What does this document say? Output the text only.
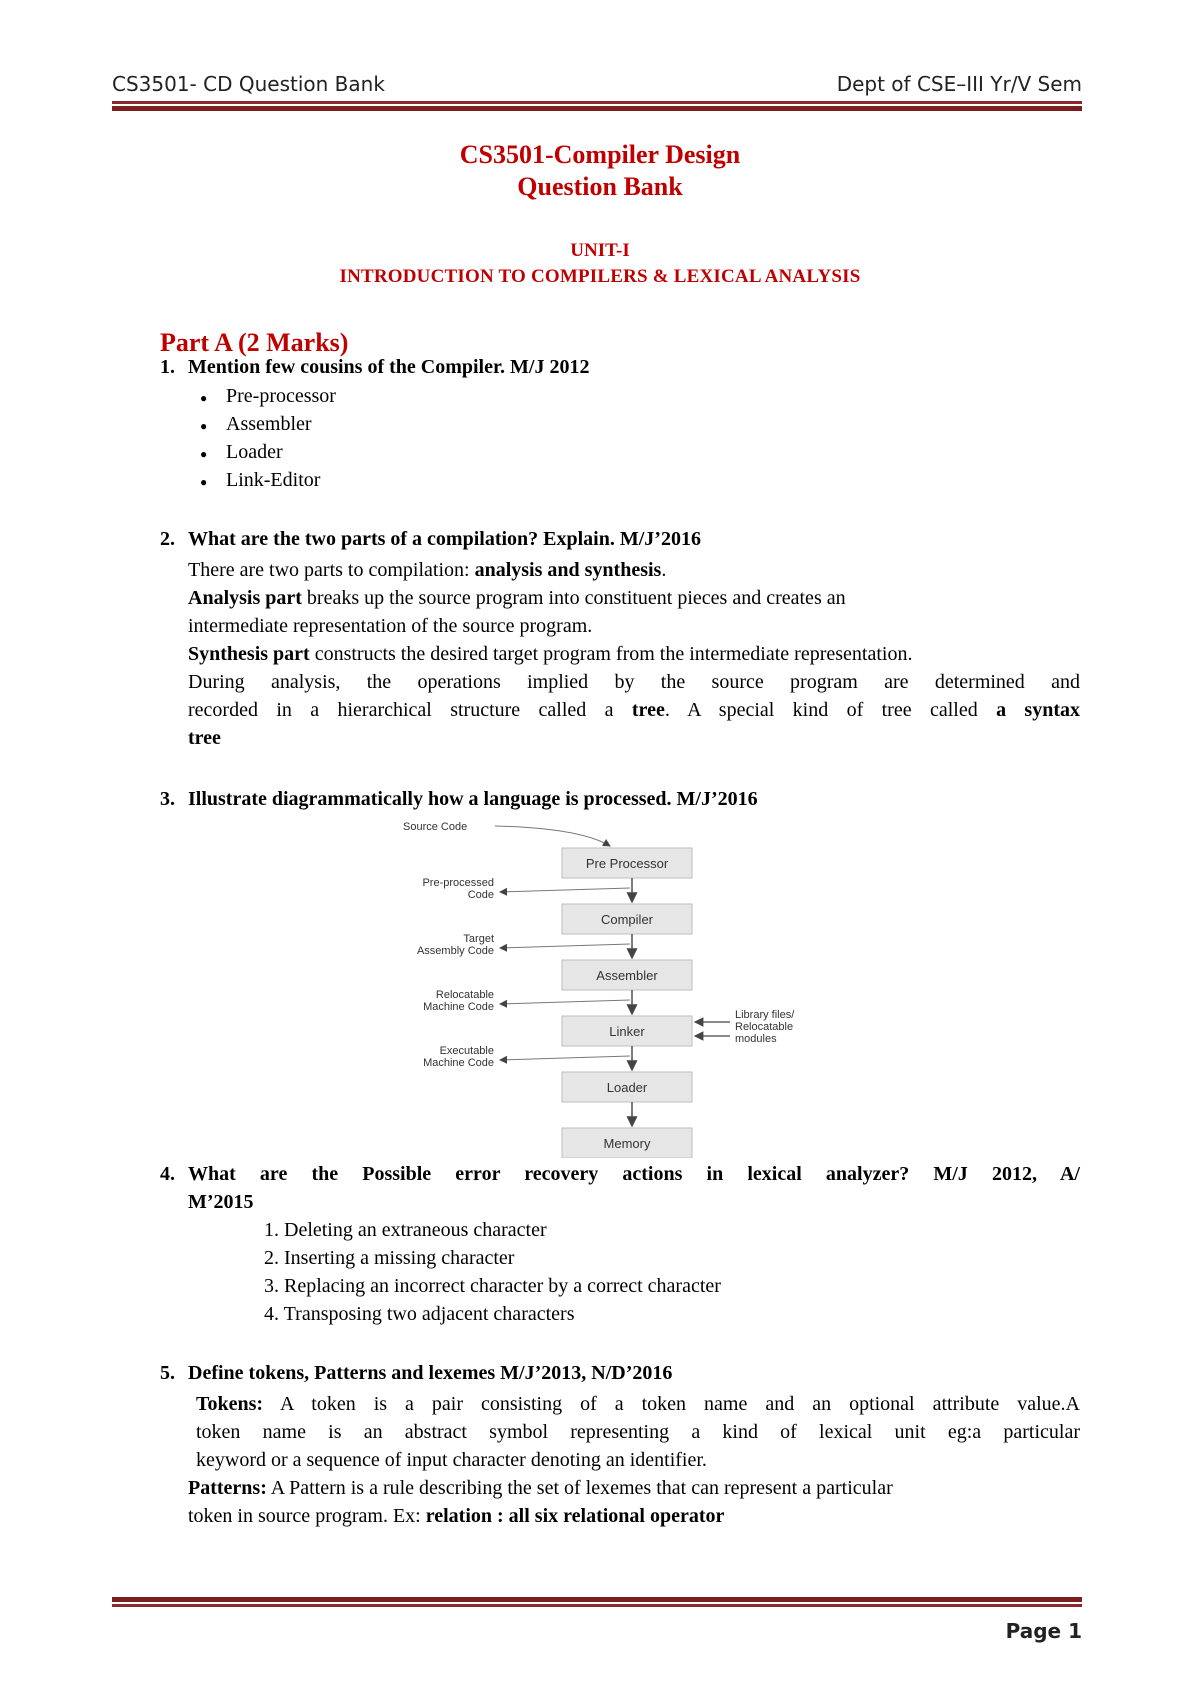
CS3501- CD Question Bank	Dept of CSE–III Yr/V Sem
CS3501-Compiler Design
Question Bank
UNIT-I
INTRODUCTION TO COMPILERS & LEXICAL ANALYSIS
Part A (2 Marks)
1. Mention few cousins of the Compiler. M/J 2012
● Pre-processor
● Assembler
● Loader
● Link-Editor
2. What are the two parts of a compilation? Explain. M/J’2016
There are two parts to compilation: analysis and synthesis.
Analysis part breaks up the source program into constituent pieces and creates an
intermediate representation of the source program.
Synthesis part constructs the desired target program from the intermediate representation.
During analysis, the operations implied by the source program are determined and
recorded in a hierarchical structure called a tree. A special kind of tree called a syntax
tree
3. Illustrate diagrammatically how a language is processed. M/J’2016
Pre Processor
Compiler
Assembler
Linker
Loader
Memory
Source Code
Pre-processed
Code
Target
Assembly Code
Relocatable
Machine Code
Executable
Machine Code
Library files/
Relocatable
modules
4. What are the Possible error recovery actions in lexical analyzer? M/J 2012, A/
M’2015
1. Deleting an extraneous character
2. Inserting a missing character
3. Replacing an incorrect character by a correct character
4. Transposing two adjacent characters
5. Define tokens, Patterns and lexemes M/J’2013, N/D’2016
Tokens: A token is a pair consisting of a token name and an optional attribute value.A
token name is an abstract symbol representing a kind of lexical unit eg:a particular
keyword or a sequence of input character denoting an identifier.
Patterns: A Pattern is a rule describing the set of lexemes that can represent a particular
token in source program. Ex: relation : all six relational operator
Page 1
